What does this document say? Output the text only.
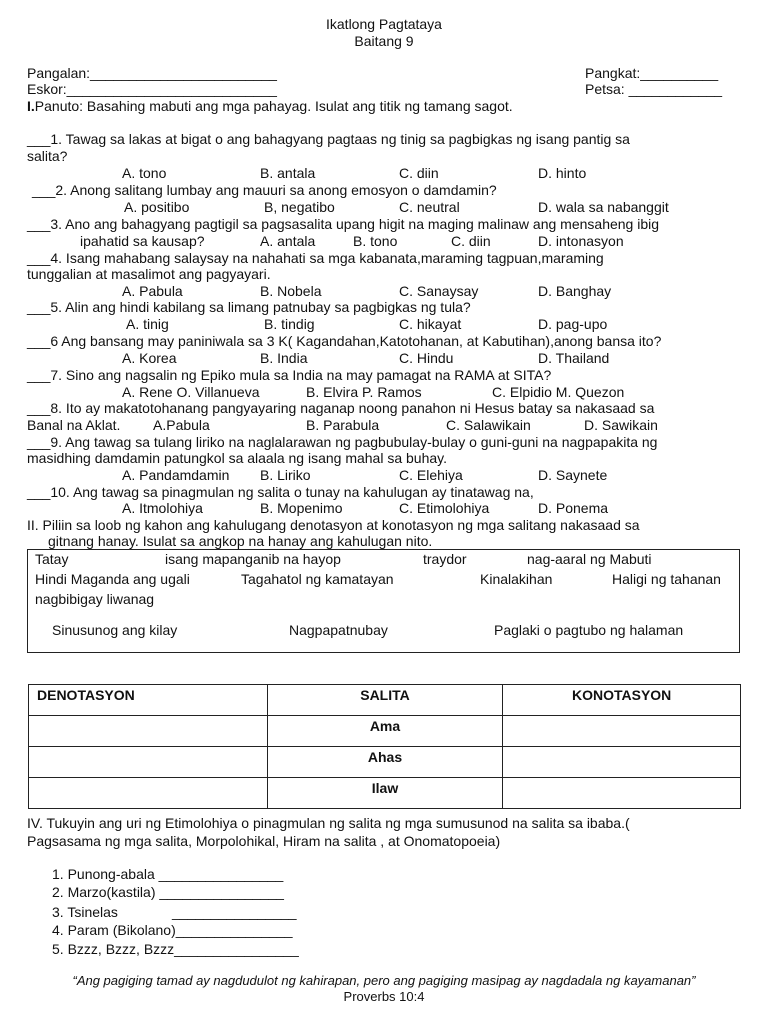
Ikatlong Pagtataya
Baitang 9
Pangalan:________________________	Pangkat:__________
Eskor:___________________________	Petsa: ____________
I.Panuto: Basahing mabuti ang mga pahayag. Isulat ang titik ng tamang sagot.
___1. Tawag sa lakas at bigat o ang bahagyang pagtaas ng tinig sa pagbigkas ng isang pantig sa
salita?
A. tono	B. antala	C. diin	D. hinto
___2. Anong salitang lumbay ang mauuri sa anong emosyon o damdamin?
A. positibo	B, negatibo	C. neutral	D. wala sa nabanggit
___3. Ano ang bahagyang pagtigil sa pagsasalita upang higit na maging malinaw ang mensaheng ibig
ipahatid sa kausap?	A. antala	B. tono	C. diin	D. intonasyon
___4. Isang mahabang salaysay na nahahati sa mga kabanata,maraming tagpuan,maraming
tunggalian at masalimot ang pagyayari.
A. Pabula	B. Nobela	C. Sanaysay	D. Banghay
___5. Alin ang hindi kabilang sa limang patnubay sa pagbigkas ng tula?
A. tinig	B. tindig	C. hikayat	D. pag-upo
___6 Ang bansang may paniniwala sa 3 K( Kagandahan,Katotohanan, at Kabutihan),anong bansa ito?
A. Korea	B. India	C. Hindu	D. Thailand
___7. Sino ang nagsalin ng Epiko mula sa India na may pamagat na RAMA at SITA?
A. Rene O. Villanueva	B. Elvira P. Ramos	C. Elpidio M. Quezon
___8. Ito ay makatotohanang pangyayaring naganap noong panahon ni Hesus batay sa nakasaad sa
Banal na Aklat. A.Pabula	B. Parabula	C. Salawikain	D. Sawikain
___9. Ang tawag sa tulang liriko na naglalarawan ng pagbubulay-bulay o guni-guni na nagpapakita ng
masidhing damdamin patungkol sa alaala ng isang mahal sa buhay.
A. Pandamdamin B. Liriko	C. Elehiya	D. Saynete
___10. Ang tawag sa pinagmulan ng salita o tunay na kahulugan ay tinatawag na,
A. Itmolohiya	B. Mopenimo	C. Etimolohiya	D. Ponema
II. Piliin sa loob ng kahon ang kahulugang denotasyon at konotasyon ng mga salitang nakasaad sa
gitnang hanay. Isulat sa angkop na hanay ang kahulugan nito.
Tatay	isang mapanganib na hayop	traydor	nag-aaral ng Mabuti
Hindi Maganda ang ugali	Tagahatol ng kamatayan	Kinalakihan	Haligi ng tahanan
nagbibigay liwanag
Sinusunog ang kilay	Nagpapatnubay	Paglaki o pagtubo ng halaman
DENOTASYON	SALITA	KONOTASYON
	Ama	
	Ahas	
	Ilaw	
IV. Tukuyin ang uri ng Etimolohiya o pinagmulan ng salita ng mga sumusunod na salita sa ibaba.(
Pagsasama ng mga salita, Morpolohikal, Hiram na salita , at Onomatopoeia)
1. Punong-abala ________________
2. Marzo(kastila) ________________
3. Tsinelas	________________
4. Param (Bikolano)_______________
5. Bzzz, Bzzz, Bzzz________________
“Ang pagiging tamad ay nagdudulot ng kahirapan, pero ang pagiging masipag ay nagdadala ng kayamanan”
Proverbs 10:4
